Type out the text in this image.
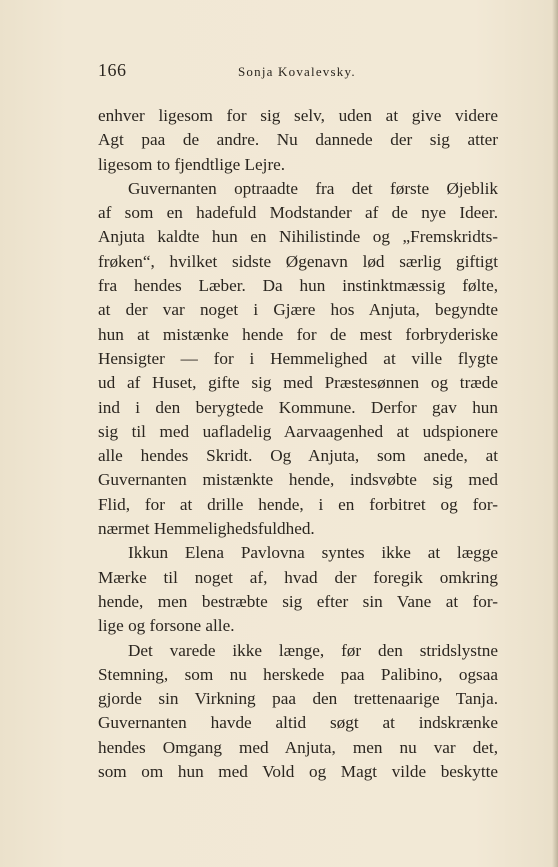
166	Sonja Kovalevsky.
enhver ligesom for sig selv, uden at give videre
Agt paa de andre. Nu dannede der sig atter
ligesom to fjendtlige Lejre.
Guvernanten optraadte fra det første Øjeblik
af som en hadefuld Modstander af de nye Ideer.
Anjuta kaldte hun en Nihilistinde og „Fremskridts-
frøken“, hvilket sidste Øgenavn lød særlig giftigt
fra hendes Læber. Da hun instinktmæssig følte,
at der var noget i Gjære hos Anjuta, begyndte
hun at mistænke hende for de mest forbryderiske
Hensigter — for i Hemmelighed at ville flygte
ud af Huset, gifte sig med Præstesønnen og træde
ind i den berygtede Kommune. Derfor gav hun
sig til med uafladelig Aarvaagenhed at udspionere
alle hendes Skridt. Og Anjuta, som anede, at
Guvernanten mistænkte hende, indsvøbte sig med
Flid, for at drille hende, i en forbitret og for-
nærmet Hemmelighedsfuldhed.
Ikkun Elena Pavlovna syntes ikke at lægge
Mærke til noget af, hvad der foregik omkring
hende, men bestræbte sig efter sin Vane at for-
lige og forsone alle.
Det varede ikke længe, før den stridslystne
Stemning, som nu herskede paa Palibino, ogsaa
gjorde sin Virkning paa den trettenaarige Tanja.
Guvernanten havde altid søgt at indskrænke
hendes Omgang med Anjuta, men nu var det,
som om hun med Vold og Magt vilde beskytte
